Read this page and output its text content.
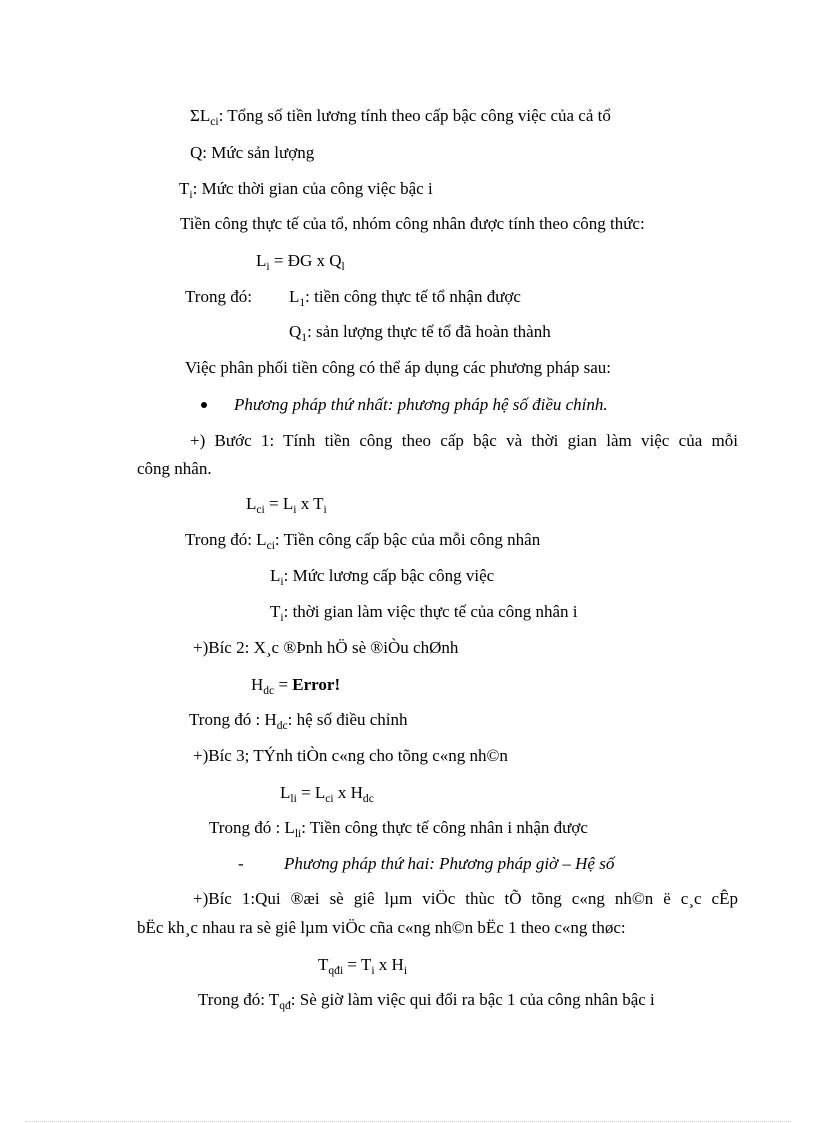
$\Sigma L_{ci}$: Tổng số tiền lương tính theo cấp bậc công việc của cả tổ
Q: Mức sản lượng
$T_i$: Mức thời gian của công việc bậc i
Tiền công thực tế của tổ, nhóm công nhân được tính theo công thức:
$L_i$ = ĐG x $Q_l$
Trong đó: $L_1$: tiền công thực tế tổ nhận được
$Q_1$: sản lượng thực tế tổ đã hoàn thành
Việc phân phối tiền công có thể áp dụng các phương pháp sau:
Phương pháp thứ nhất: phương pháp hệ số điều chỉnh.
+) Bước 1: Tính tiền công theo cấp bậc và thời gian làm việc của mỗi
công nhân.
$L_{ci} = L_i$ x $T_i$
Trong đó: $L_{ci}$: Tiền công cấp bậc của mỗi công nhân
$L_i$: Mức lương cấp bậc công việc
$T_i$: thời gian làm việc thực tế của công nhân i
+)Bíc 2: X¸c ®Þnh hÖ sè ®iÒu chØnh
$H_{dc}$ = Error!
Trong đó : $H_{dc}$: hệ số điều chỉnh
+)Bíc 3; TÝnh tiÒn c«ng cho tõng c«ng nh©n
$L_{li} = L_{ci}$ x $H_{dc}$
Trong đó : $L_{li}$: Tiền công thực tế công nhân i nhận được
- Phương pháp thứ hai: Phương pháp giờ – Hệ số
+)Bíc 1:Qui ®æi sè giê lµm viÖc thùc tÕ tõng c«ng nh©n ë c¸c cÊp
bËc kh¸c nhau ra sè giê lµm viÖc cña c«ng nh©n bËc 1 theo c«ng thøc:
$T_{qđi} = T_i$ x $H_i$
Trong đó: $T_{qđ}$: Sè giờ làm việc qui đổi ra bậc 1 của công nhân bậc i
